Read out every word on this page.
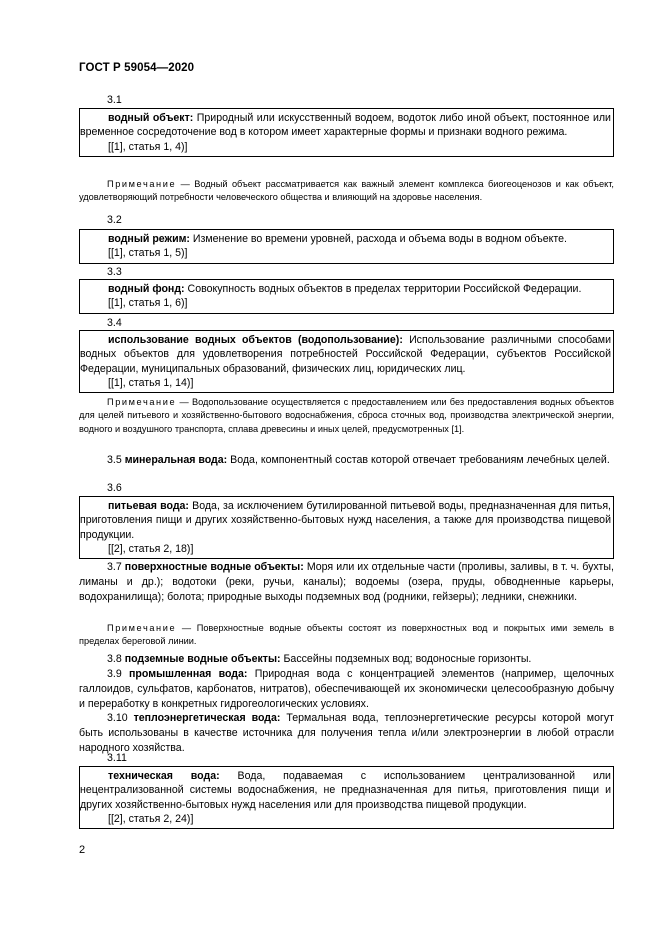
ГОСТ Р 59054—2020
3.1

водный объект: Природный или искусственный водоем, водоток либо иной объект, постоянное или временное сосредоточение вод в котором имеет характерные формы и признаки водного режима.

[[1], статья 1, 4)]

Примечание — Водный объект рассматривается как важный элемент комплекса биогеоценозов и как объект, удовлетворяющий потребности человеческого общества и влияющий на здоровье населения.

3.2

водный режим: Изменение во времени уровней, расхода и объема воды в водном объекте.

[[1], статья 1, 5)]

3.3

водный фонд: Совокупность водных объектов в пределах территории Российской Федерации.

[[1], статья 1, 6)]

3.4

использование водных объектов (водопользование): Использование различными способами водных объектов для удовлетворения потребностей Российской Федерации, субъектов Российской Федерации, муниципальных образований, физических лиц, юридических лиц.

[[1], статья 1, 14)]

Примечание — Водопользование осуществляется с предоставлением или без предоставления водных объектов для целей питьевого и хозяйственно-бытового водоснабжения, сброса сточных вод, производства электрической энергии, водного и воздушного транспорта, сплава древесины и иных целей, предусмотренных [1].

3.5 минеральная вода: Вода, компонентный состав которой отвечает требованиям лечебных целей.

3.6

питьевая вода: Вода, за исключением бутилированной питьевой воды, предназначенная для питья, приготовления пищи и других хозяйственно-бытовых нужд населения, а также для производства пищевой продукции.

[[2], статья 2, 18)]

3.7 поверхностные водные объекты: Моря или их отдельные части (проливы, заливы, в т. ч. бухты, лиманы и др.); водотоки (реки, ручьи, каналы); водоемы (озера, пруды, обводненные карьеры, водохранилища); болота; природные выходы подземных вод (родники, гейзеры); ледники, снежники.

Примечание — Поверхностные водные объекты состоят из поверхностных вод и покрытых ими земель в пределах береговой линии.

3.8 подземные водные объекты: Бассейны подземных вод; водоносные горизонты.

3.9 промышленная вода: Природная вода с концентрацией элементов (например, щелочных галлоидов, сульфатов, карбонатов, нитратов), обеспечивающей их экономически целесообразную добычу и переработку в конкретных гидрогеологических условиях.

3.10 теплоэнергетическая вода: Термальная вода, теплоэнергетические ресурсы которой могут быть использованы в качестве источника для получения тепла и/или электроэнергии в любой отрасли народного хозяйства.

3.11

техническая вода: Вода, подаваемая с использованием централизованной или нецентрализованной системы водоснабжения, не предназначенная для питья, приготовления пищи и других хозяйственно-бытовых нужд населения или для производства пищевой продукции.

[[2], статья 2, 24)]

2
